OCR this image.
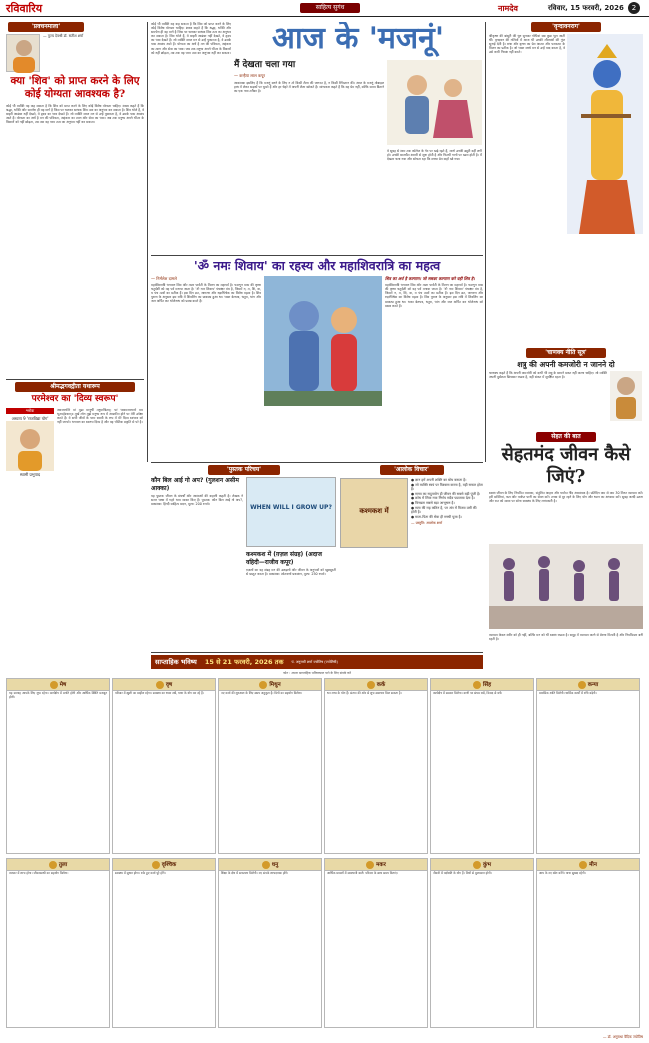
रविवारिय	साहित्य सुगंध	नामदेव	रविवार, 15 फरवरी, 2026	2
'प्रवचनमाला'
— पूज्य देवश्री डॉ. सतीश शर्मा
क्या 'शिव' को प्राप्त करने के लिए कोई योग्यता आवश्यक है?
कोई भी व्यक्ति यह कह सकता है कि शिव को प्राप्त करने के लिए कोई विशेष योग्यता चाहिए। शास्त्र कहते हैं कि श्रद्धा, भक्ति और समर्पण ही वह मार्ग है जिस पर चलकर साधक शिव तत्व का अनुभव कर सकता है। शिव भोले हैं, वे बाहरी आडंबर नहीं देखते, वे हृदय का भाव देखते हैं। जो व्यक्ति सरल मन से उन्हें पुकारता है, वे उसके पास अवश्य आते हैं। योग्यता का अर्थ है मन की पवित्रता, अहंकार का त्याग और सेवा का भाव। जब तक मनुष्य अपने भीतर के विकारों को नहीं छोड़ता, तब तक वह परम तत्व का अनुभव नहीं कर सकता।
कोई भी व्यक्ति यह कह सकता है कि शिव को प्राप्त करने के लिए कोई विशेष योग्यता चाहिए। शास्त्र कहते हैं कि श्रद्धा, भक्ति और समर्पण ही वह मार्ग है जिस पर चलकर साधक शिव तत्व का अनुभव कर सकता है। शिव भोले हैं, वे बाहरी आडंबर नहीं देखते, वे हृदय का भाव देखते हैं। जो व्यक्ति सरल मन से उन्हें पुकारता है, वे उसके पास अवश्य आते हैं। योग्यता का अर्थ है मन की पवित्रता, अहंकार का त्याग और सेवा का भाव। जब तक मनुष्य अपने भीतर के विकारों को नहीं छोड़ता, तब तक वह परम तत्व का अनुभव नहीं कर सकता।	आज के 'मजनूं'
मैं देखता चला गया
— कन्हैया लाल कपूर
आवश्यक इसलिए हैं कि मजनूं बनने के लिए न तो किसी लैला की जरूरत है, न किसी रेगिस्तान की। आज के मजनूं मोबाइल हाथ में लेकर सड़कों पर घूमते हैं और हर चेहरे में अपनी लैला खोजते हैं। व्यंग्यकार कहते हैं कि यह प्रेम नहीं, बल्कि समय बिताने का एक नया तरीका है।
वे सुबह से शाम तक कॉलेज के गेट पर खड़े रहते हैं, मानो उनकी ड्यूटी वहीं लगी हो। उनकी बातचीत शायरी से शुरू होती है और फिल्मी गानों पर खत्म होती है। मैं देखता चला गया और सोचता रहा कि सच्चा प्रेम कहाँ खो गया।
'वृन्दावनराग'
श्रीकृष्ण की बांसुरी की धुन सुनकर गोपियां सब कुछ भूल जाती थीं। वृन्दावन की गलियों में आज भी उनकी लीलाओं की गूंज सुनाई देती है। राधा और कृष्ण का प्रेम आत्मा और परमात्मा के मिलन का प्रतीक है। जो भक्त सच्चे मन से उन्हें याद करता है, वे उसे कभी निराश नहीं करते।
'चाणक्य नीति सूत्र'
शत्रु की अपनी कमजोरी न जानने दो
चाणक्य कहते हैं कि अपनी कमजोरी को कभी भी शत्रु के सामने प्रकट नहीं करना चाहिए। जो व्यक्ति अपनी दुर्बलता छिपाकर रखता है, वही संकट में सुरक्षित रहता है।
सेहत की बात
सेहतमंद जीवन कैसे जिएं?
स्वस्थ जीवन के लिए नियमित व्यायाम, संतुलित आहार और पर्याप्त नींद आवश्यक है। प्रतिदिन कम से कम 30 मिनट व्यायाम करें। हरी सब्जियां, फल और पर्याप्त पानी का सेवन करें। तनाव से दूर रहने के लिए योग और ध्यान का अभ्यास करें। सुबह जल्दी उठना और रात को समय पर सोना स्वास्थ्य के लिए लाभकारी है।
व्यायाम केवल शरीर को ही नहीं, बल्कि मन को भी स्वस्थ रखता है। समूह में व्यायाम करने से प्रेरणा मिलती है और नियमितता बनी रहती है।
'ॐ नमः शिवाय' का रहस्य और महाशिवरात्रि का महत्व
— निर्मलेश दामले
महाशिवरात्रि भगवान शिव और माता पार्वती के मिलन का महापर्व है। फाल्गुन मास की कृष्ण चतुर्दशी को यह पर्व मनाया जाता है। 'ॐ नमः शिवाय' पंचाक्षर मंत्र है, जिसमें न, म, शि, वा, य पंच तत्वों का प्रतीक हैं। इस दिन व्रत, जागरण और रुद्राभिषेक का विशेष महत्व है। शिव पुराण के अनुसार इस रात्रि में शिवलिंग का प्राकट्य हुआ था। भक्त बेलपत्र, धतूरा, भांग और जल अर्पित कर भोलेनाथ को प्रसन्न करते हैं।
शिव का अर्थ है कल्याण। जो सबका कल्याण करे वही शिव है।
महाशिवरात्रि भगवान शिव और माता पार्वती के मिलन का महापर्व है। फाल्गुन मास की कृष्ण चतुर्दशी को यह पर्व मनाया जाता है। 'ॐ नमः शिवाय' पंचाक्षर मंत्र है, जिसमें न, म, शि, वा, य पंच तत्वों का प्रतीक हैं। इस दिन व्रत, जागरण और रुद्राभिषेक का विशेष महत्व है। शिव पुराण के अनुसार इस रात्रि में शिवलिंग का प्राकट्य हुआ था। भक्त बेलपत्र, धतूरा, भांग और जल अर्पित कर भोलेनाथ को प्रसन्न करते हैं।
श्रीमद्भगवद्गीता यथारूप
परमेश्वर का 'दिव्य स्वरूप'
श्लोक
अध्याय 9 'राजविद्या योग'
स्वामी प्रभुपाद
अवजानन्ति मां मूढा मानुषीं तनुमाश्रितम्। परं भावमजानन्तो मम भूतमहेश्वरम्॥ मूर्ख लोग मुझे मनुष्य रूप में अवतरित होने पर मेरी उपेक्षा करते हैं। वे सभी जीवों के परम स्वामी के रूप में मेरे दिव्य स्वभाव को नहीं जानते। भगवान का स्वरूप दिव्य है और वह भौतिक प्रकृति से परे है।
'पुस्तक परिचय'
कौन बिल आई गो अप? (गुलशन असीम आक्का)
यह पुस्तक जीवन के संघर्षों और आशाओं की कहानी कहती है। लेखक ने सरल भाषा में गहरे भाव व्यक्त किए हैं। पुस्तक: कौन बिल आई गो अप?, प्रकाशक: हिन्दी साहित्य सदन, मूल्य: 200 रुपये।	WHEN WILL I GROW UP?
कश्मकश में (ग़ज़ल संग्रह) (अदाज वहिदी—राजीव कपूर)
ग़ज़लों का यह संग्रह मन की उलझनों और जीवन के अनुभवों को खूबसूरती से प्रस्तुत करता है। प्रकाशक: श्वेतवर्णा प्रकाशन, मूल्य: 250 रुपये।
'आलोक विचार'
कश्मकश में
● ज्ञान हमें अपनी शक्ति का बोध कराता है।
● जो व्यक्ति स्वयं पर विश्वास करता है, वही सफल होता है।
● समय का सदुपयोग ही जीवन की सबसे बड़ी पूंजी है।
● क्रोध में लिया गया निर्णय सदैव पछतावा देता है।
● विनम्रता सबसे बड़ा आभूषण है।
● सत्य की राह कठिन है, पर अंत में विजय उसी की होती है।
● माता-पिता की सेवा ही सच्ची पूजा है।
— प्रस्तुति: आलोक शर्मा
साप्ताहिक भविष्य 15 से 21 फरवरी, 2026 तक पं. अनुराधी शर्मा ज्योतिष (ज्योतिषी)
फोन : अपना साप्ताहिक भविष्यफल पाने के लिए संपर्क करें
मेष
यह सप्ताह आपके लिए शुभ रहेगा। कार्यक्षेत्र में प्रगति होगी और आर्थिक स्थिति मजबूत होगी।
वृष
परिवार में खुशी का माहौल रहेगा। स्वास्थ्य का ध्यान रखें, यात्रा के योग बन रहे हैं।
मिथुन
नए कार्य की शुरुआत के लिए समय अनुकूल है। मित्रों का सहयोग मिलेगा।
कर्क
धन लाभ के योग हैं। संतान की ओर से शुभ समाचार मिल सकता है।
सिंह
कार्यक्षेत्र में सम्मान मिलेगा। वाणी पर संयम रखें, विवाद से बचें।
कन्या
मानसिक शांति मिलेगी। धार्मिक कार्यों में रुचि बढ़ेगी।
तुला
व्यापार में लाभ होगा। जीवनसाथी का सहयोग मिलेगा।
वृश्चिक
स्वास्थ्य में सुधार होगा। रुके हुए कार्य पूरे होंगे।
धनु
शिक्षा के क्षेत्र में सफलता मिलेगी। नए संपर्क लाभदायक होंगे।
मकर
आर्थिक मामलों में सावधानी बरतें। परिवार के साथ समय बिताएं।
कुंभ
नौकरी में पदोन्नति के योग हैं। मित्रों से मुलाकात होगी।
मीन
आय के नए स्रोत बनेंगे। यात्रा सुखद रहेगी।
— डॉ. अनुराधा वैदिक ज्योतिष
